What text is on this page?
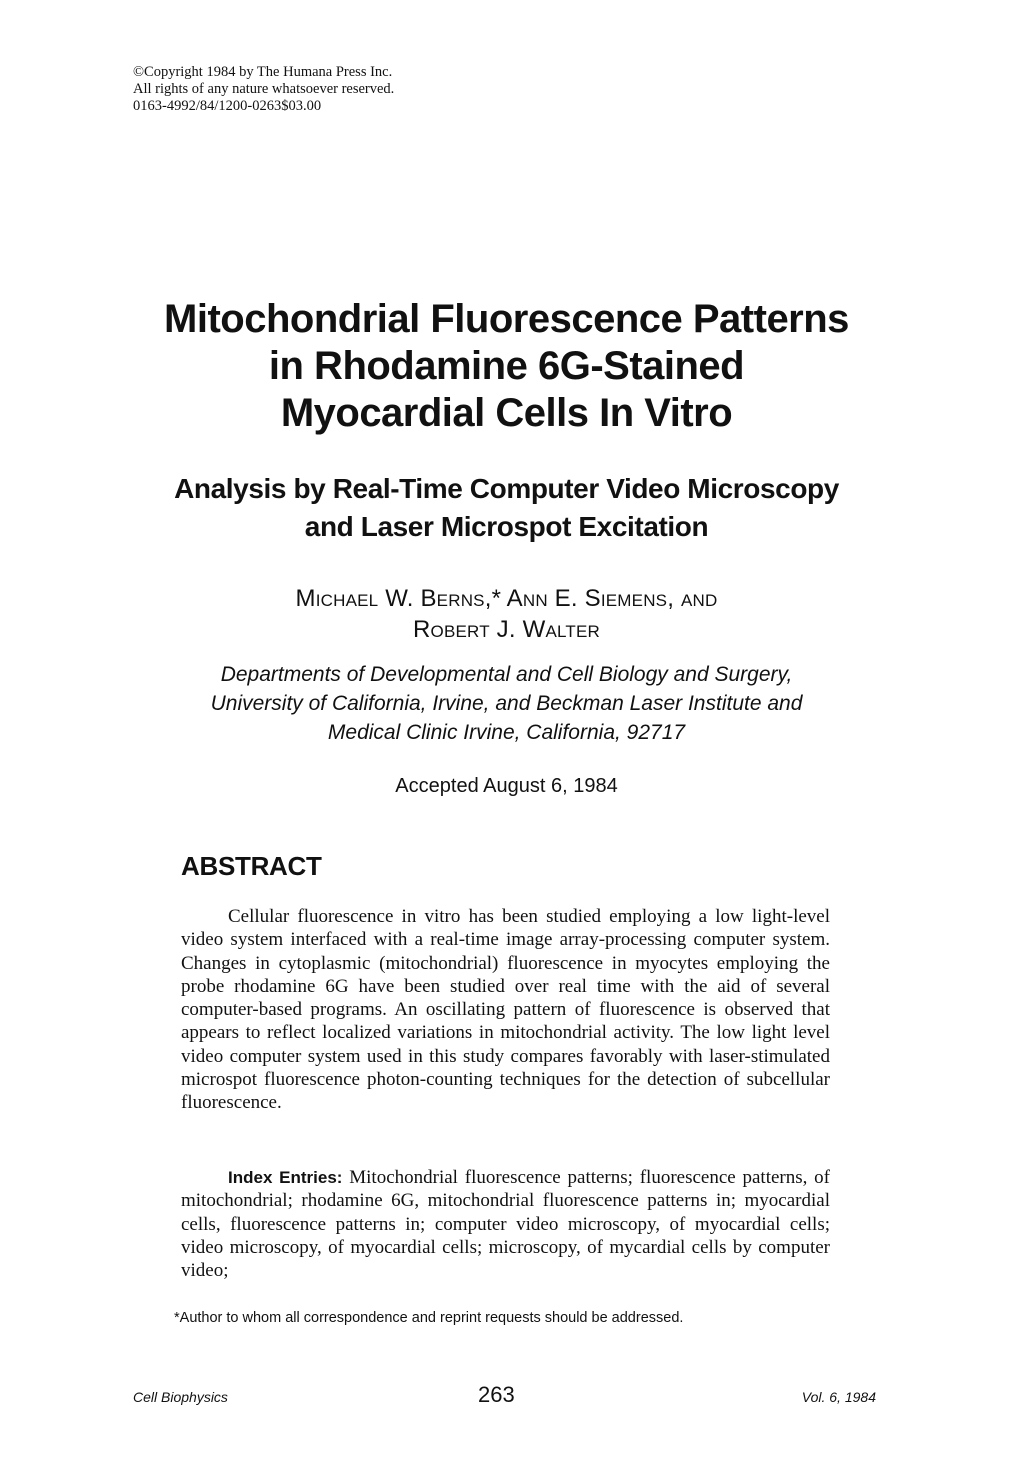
©Copyright 1984 by The Humana Press Inc.
All rights of any nature whatsoever reserved.
0163-4992/84/1200-0263$03.00
Mitochondrial Fluorescence Patterns
in Rhodamine 6G-Stained
Myocardial Cells In Vitro
Analysis by Real-Time Computer Video Microscopy
and Laser Microspot Excitation
Michael W. Berns,* Ann E. Siemens, and
Robert J. Walter
Departments of Developmental and Cell Biology and Surgery,
University of California, Irvine, and Beckman Laser Institute and
Medical Clinic Irvine, California, 92717
Accepted August 6, 1984
ABSTRACT

Cellular fluorescence in vitro has been studied employing a low light-level video system interfaced with a real-time image array-processing computer system. Changes in cytoplasmic (mitochondrial) fluorescence in myocytes employing the probe rhodamine 6G have been studied over real time with the aid of several computer-based programs. An oscillating pattern of fluorescence is observed that appears to reflect localized variations in mitochondrial activity. The low light level video computer system used in this study compares favorably with laser-stimulated microspot fluorescence photon-counting techniques for the detection of subcellular fluorescence.

Index Entries: Mitochondrial fluorescence patterns; fluorescence patterns, of mitochondrial; rhodamine 6G, mitochondrial fluorescence patterns in; myocardial cells, fluorescence patterns in; computer video microscopy, of myocardial cells; video microscopy, of myocardial cells; microscopy, of mycardial cells by computer video;
*Author to whom all correspondence and reprint requests should be addressed.
Cell Biophysics	263	Vol. 6, 1984
